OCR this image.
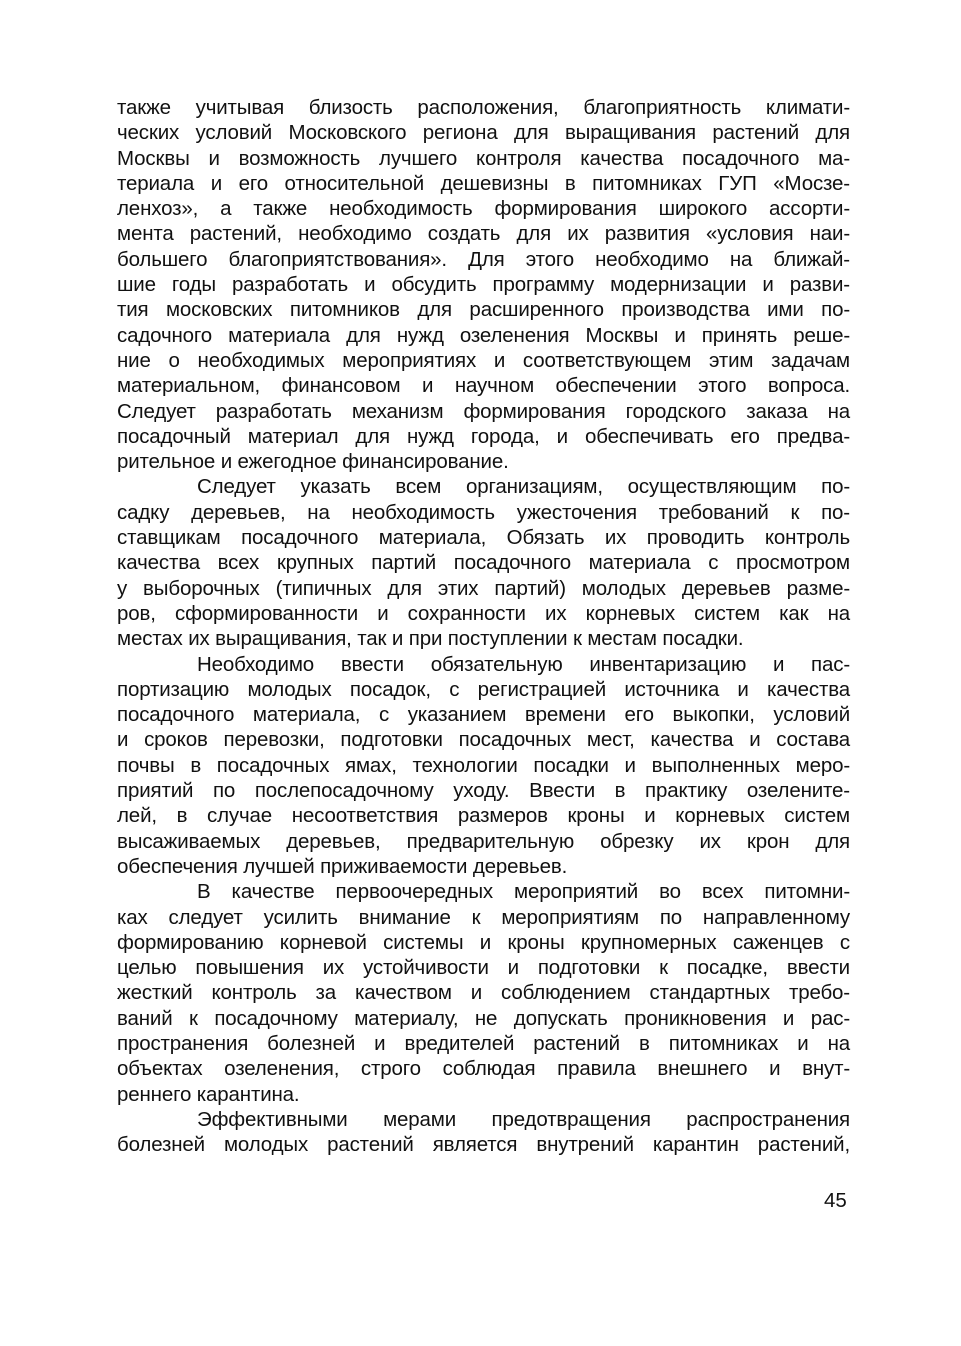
также учитывая близость расположения, благоприятность климати-
ческих условий Московского региона для выращивания растений для
Москвы и возможность лучшего контроля качества посадочного ма-
териала и его относительной дешевизны в питомниках ГУП «Мосзе-
ленхоз», а также необходимость формирования широкого ассорти-
мента растений, необходимо создать для их развития «условия наи-
большего благоприятствования». Для этого необходимо на ближай-
шие годы разработать и обсудить программу модернизации и разви-
тия московских питомников для расширенного производства ими по-
садочного материала для нужд озеленения Москвы и принять реше-
ние о необходимых мероприятиях и соответствующем этим задачам
материальном, финансовом и научном обеспечении этого вопроса.
Следует разработать механизм формирования городского заказа на
посадочный материал для нужд города, и обеспечивать его предва-
рительное и ежегодное финансирование.
Следует указать всем организациям, осуществляющим по-
садку деревьев, на необходимость ужесточения требований к по-
ставщикам посадочного материала, Обязать их проводить контроль
качества всех крупных партий посадочного материала с просмотром
у выборочных (типичных для этих партий) молодых деревьев разме-
ров, сформированности и сохранности их корневых систем как на
местах их выращивания, так и при поступлении к местам посадки.
Необходимо ввести обязательную инвентаризацию и пас-
портизацию молодых посадок, с регистрацией источника и качества
посадочного материала, с указанием времени его выкопки, условий
и сроков перевозки, подготовки посадочных мест, качества и состава
почвы в посадочных ямах, технологии посадки и выполненных меро-
приятий по послепосадочному уходу. Ввести в практику озелените-
лей, в случае несоответствия размеров кроны и корневых систем
высаживаемых деревьев, предварительную обрезку их крон для
обеспечения лучшей приживаемости деревьев.
В качестве первоочередных мероприятий во всех питомни-
ках следует усилить внимание к мероприятиям по направленному
формированию корневой системы и кроны крупномерных саженцев с
целью повышения их устойчивости и подготовки к посадке, ввести
жесткий контроль за качеством и соблюдением стандартных требо-
ваний к посадочному материалу, не допускать проникновения и рас-
пространения болезней и вредителей растений в питомниках и на
объектах озеленения, строго соблюдая правила внешнего и внут-
реннего карантина.
Эффективными мерами предотвращения распространения
болезней молодых растений является внутрений карантин растений,
45
